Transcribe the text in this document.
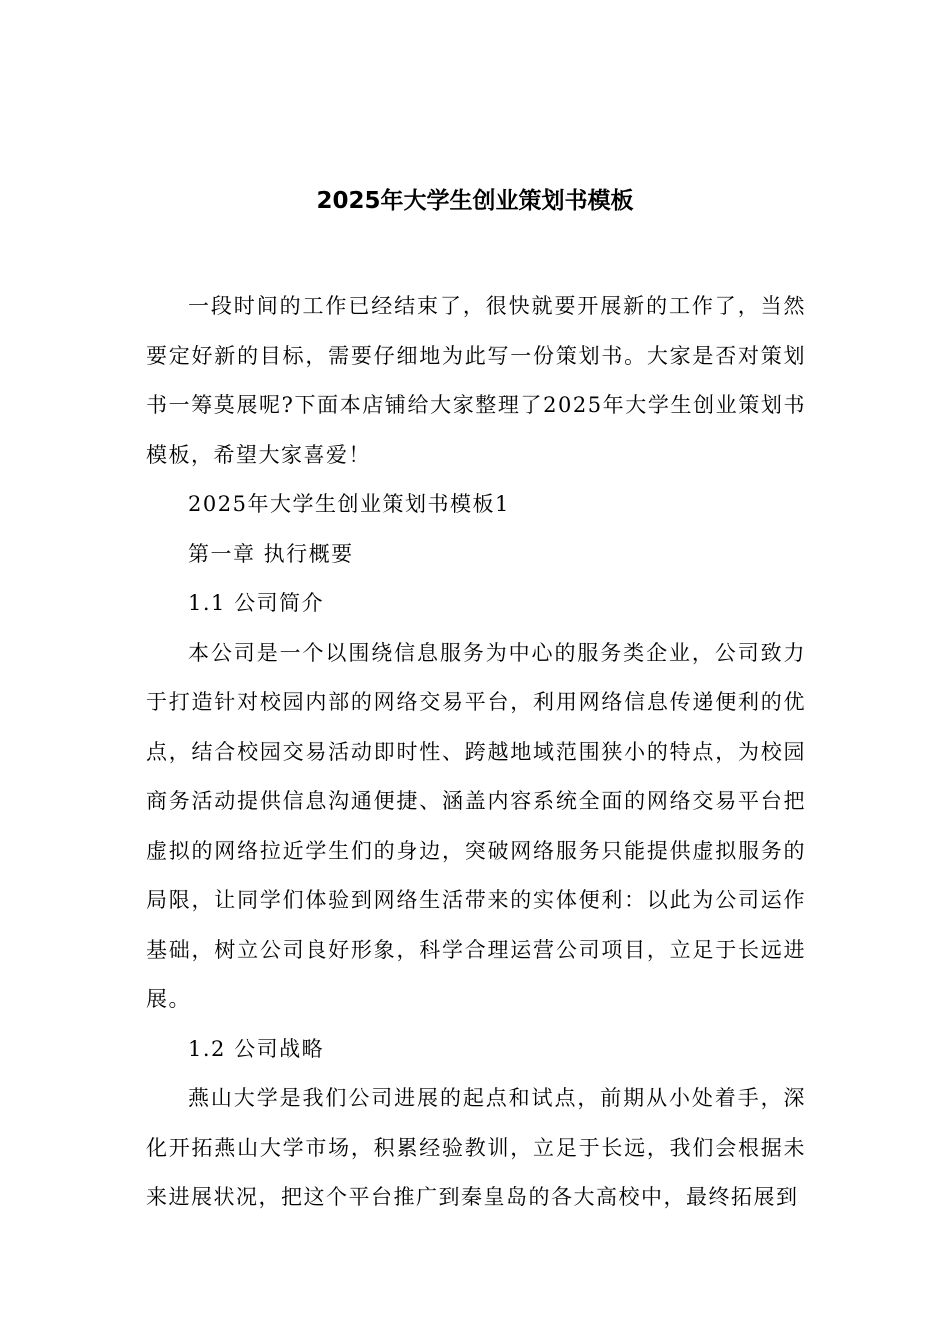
2025年大学生创业策划书模板

一段时间的工作已经结束了，很快就要开展新的工作了，当然要定好新的目标，需要仔细地为此写一份策划书。大家是否对策划书一筹莫展呢?下面本店铺给大家整理了2025年大学生创业策划书模板，希望大家喜爱！

2025年大学生创业策划书模板1

第一章 执行概要

1.1 公司简介

本公司是一个以围绕信息服务为中心的服务类企业，公司致力于打造针对校园内部的网络交易平台，利用网络信息传递便利的优点，结合校园交易活动即时性、跨越地域范围狭小的特点，为校园商务活动提供信息沟通便捷、涵盖内容系统全面的网络交易平台把虚拟的网络拉近学生们的身边，突破网络服务只能提供虚拟服务的局限，让同学们体验到网络生活带来的实体便利：以此为公司运作基础，树立公司良好形象，科学合理运营公司项目，立足于长远进展。

1.2 公司战略

燕山大学是我们公司进展的起点和试点，前期从小处着手，深化开拓燕山大学市场，积累经验教训，立足于长远，我们会根据未来进展状况，把这个平台推广到秦皇岛的各大高校中，最终拓展到
